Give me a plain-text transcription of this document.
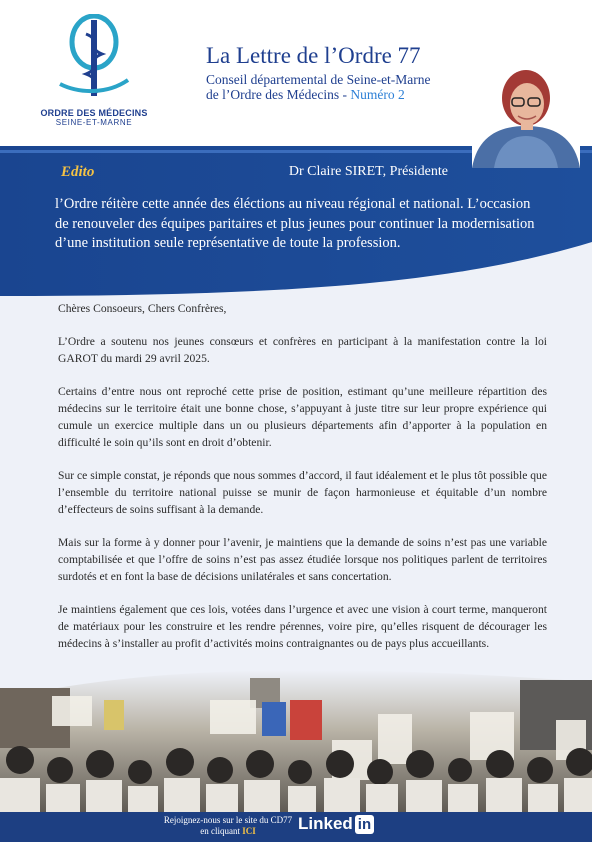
ORDRE DES MÉDECINS
SEINE-ET-MARNE
La Lettre de l’Ordre 77
Conseil départemental de Seine-et-Marne
de l’Ordre des Médecins - Numéro 2
Edito	Dr Claire SIRET, Présidente
l’Ordre réitère cette année des éléctions au niveau régional et national. L’occasion de renouveler des équipes paritaires et plus jeunes pour continuer la modernisation d’une institution seule représentative de toute la profession.

Chères Consoeurs, Chers Confrères,

L’Ordre a soutenu nos jeunes consœurs et confrères en participant à la manifestation contre la loi GAROT du mardi 29 avril 2025.

Certains d’entre nous ont reproché cette prise de position, estimant qu’une meilleure répartition des médecins sur le territoire était une bonne chose, s’appuyant à juste titre sur leur propre expérience qui cumule un exercice multiple dans un ou plusieurs départements afin d’apporter à la population en difficulté le soin qu’ils sont en droit d’obtenir.

Sur ce simple constat, je réponds que nous sommes d’accord, il faut idéalement et le plus tôt possible que l’ensemble du territoire national puisse se munir de façon harmonieuse et équitable d’un nombre d’effecteurs de soins suffisant à la demande.

Mais sur la forme à y donner pour l’avenir, je maintiens que la demande de soins n’est pas une variable comptabilisée et que l’offre de soins n’est pas assez étudiée lorsque nos politiques parlent de territoires surdotés et en font la base de décisions unilatérales et sans concertation.

Je maintiens également que ces lois, votées dans l’urgence et avec une vision à court terme, manqueront de matériaux pour les construire et les rendre pérennes, voire pire, qu’elles risquent de décourager les médecins à s’installer au profit d’activités moins contraignantes ou de pays plus accueillants.

Rejoignez-nous sur le site du CD77
en cliquant ICI	Linked in
